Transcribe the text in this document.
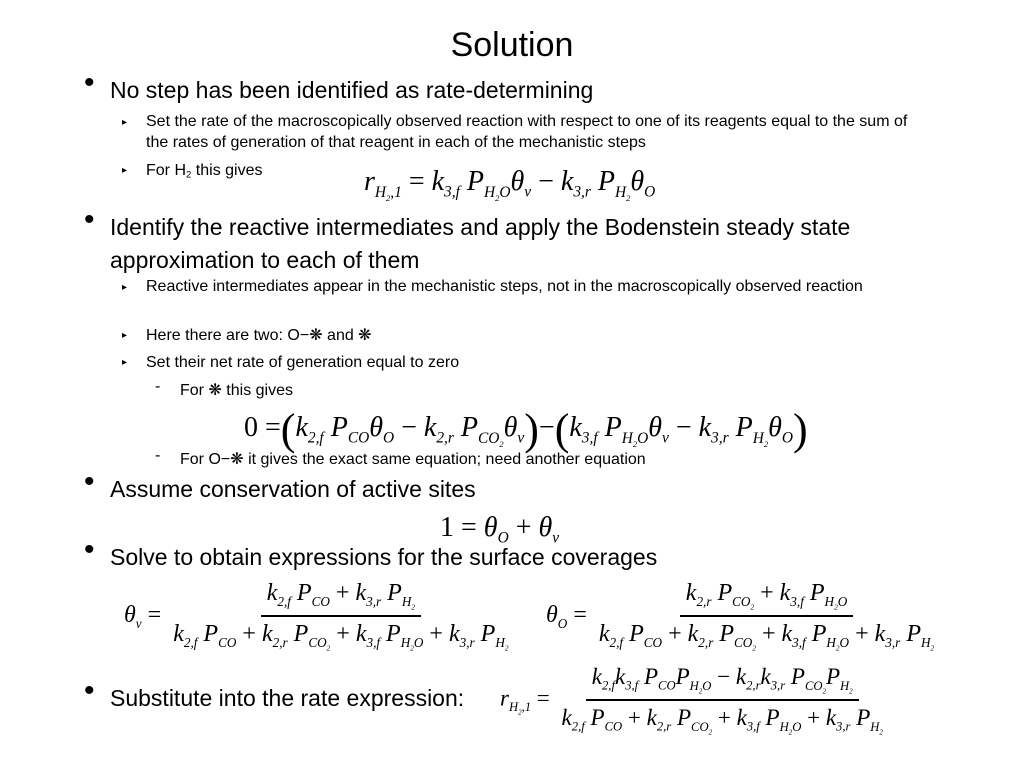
Solution
• No step has been identified as rate-determining
▸ Set the rate of the macroscopically observed reaction with respect to one of its reagents equal to the sum of the rates of generation of that reagent in each of the mechanistic steps
▸ For H2 this gives	$r_{H_2,1} = k_{3,f}$ $P_{H_2O}\theta_v - k_{3,r}$ $P_{H_2}\theta_O$
• Identify the reactive intermediates and apply the Bodenstein steady state approximation to each of them
▸ Reactive intermediates appear in the mechanistic steps, not in the macroscopically observed reaction
▸ Here there are two: O−❋ and ❋
▸ Set their net rate of generation equal to zero
- For ❋ this gives
$0 =(k_{2,f}$ $P_{CO}\theta_O - k_{2,r}$ $P_{CO_2}\theta_v)-(k_{3,f}$ $P_{H_2O}\theta_v - k_{3,r}$ $P_{H_2}\theta_O$)
- For O−❋ it gives the exact same equation; need another equation
• Assume conservation of active sites
$1 = \theta_O + \theta_v$
• Solve to obtain expressions for the surface coverages
$\theta_v = \frac{k_{2,f} P_{CO} + k_{3,r} P_{H_2}}{k_{2,f} P_{CO} + k_{2,r} P_{CO_2} + k_{3,f} P_{H_2O} + k_{3,r} P_{H_2}} \theta_O = \frac{k_{2,r} P_{CO_2} + k_{3,f} P_{H_2O}}{k_{2,f} P_{CO} + k_{2,r} P_{CO_2} + k_{3,f} P_{H_2O} + k_{3,r} P_{H_2}}$
• Substitute into the rate expression: $r_{H_2,1} = \frac{k_{2,f}k_{3,f} P_{CO}P_{H_2O} - k_{2,r}k_{3,r} P_{CO_2}P_{H_2}}{k_{2,f} P_{CO} + k_{2,r} P_{CO_2} + k_{3,f} P_{H_2O} + k_{3,r} P_{H_2}}$
